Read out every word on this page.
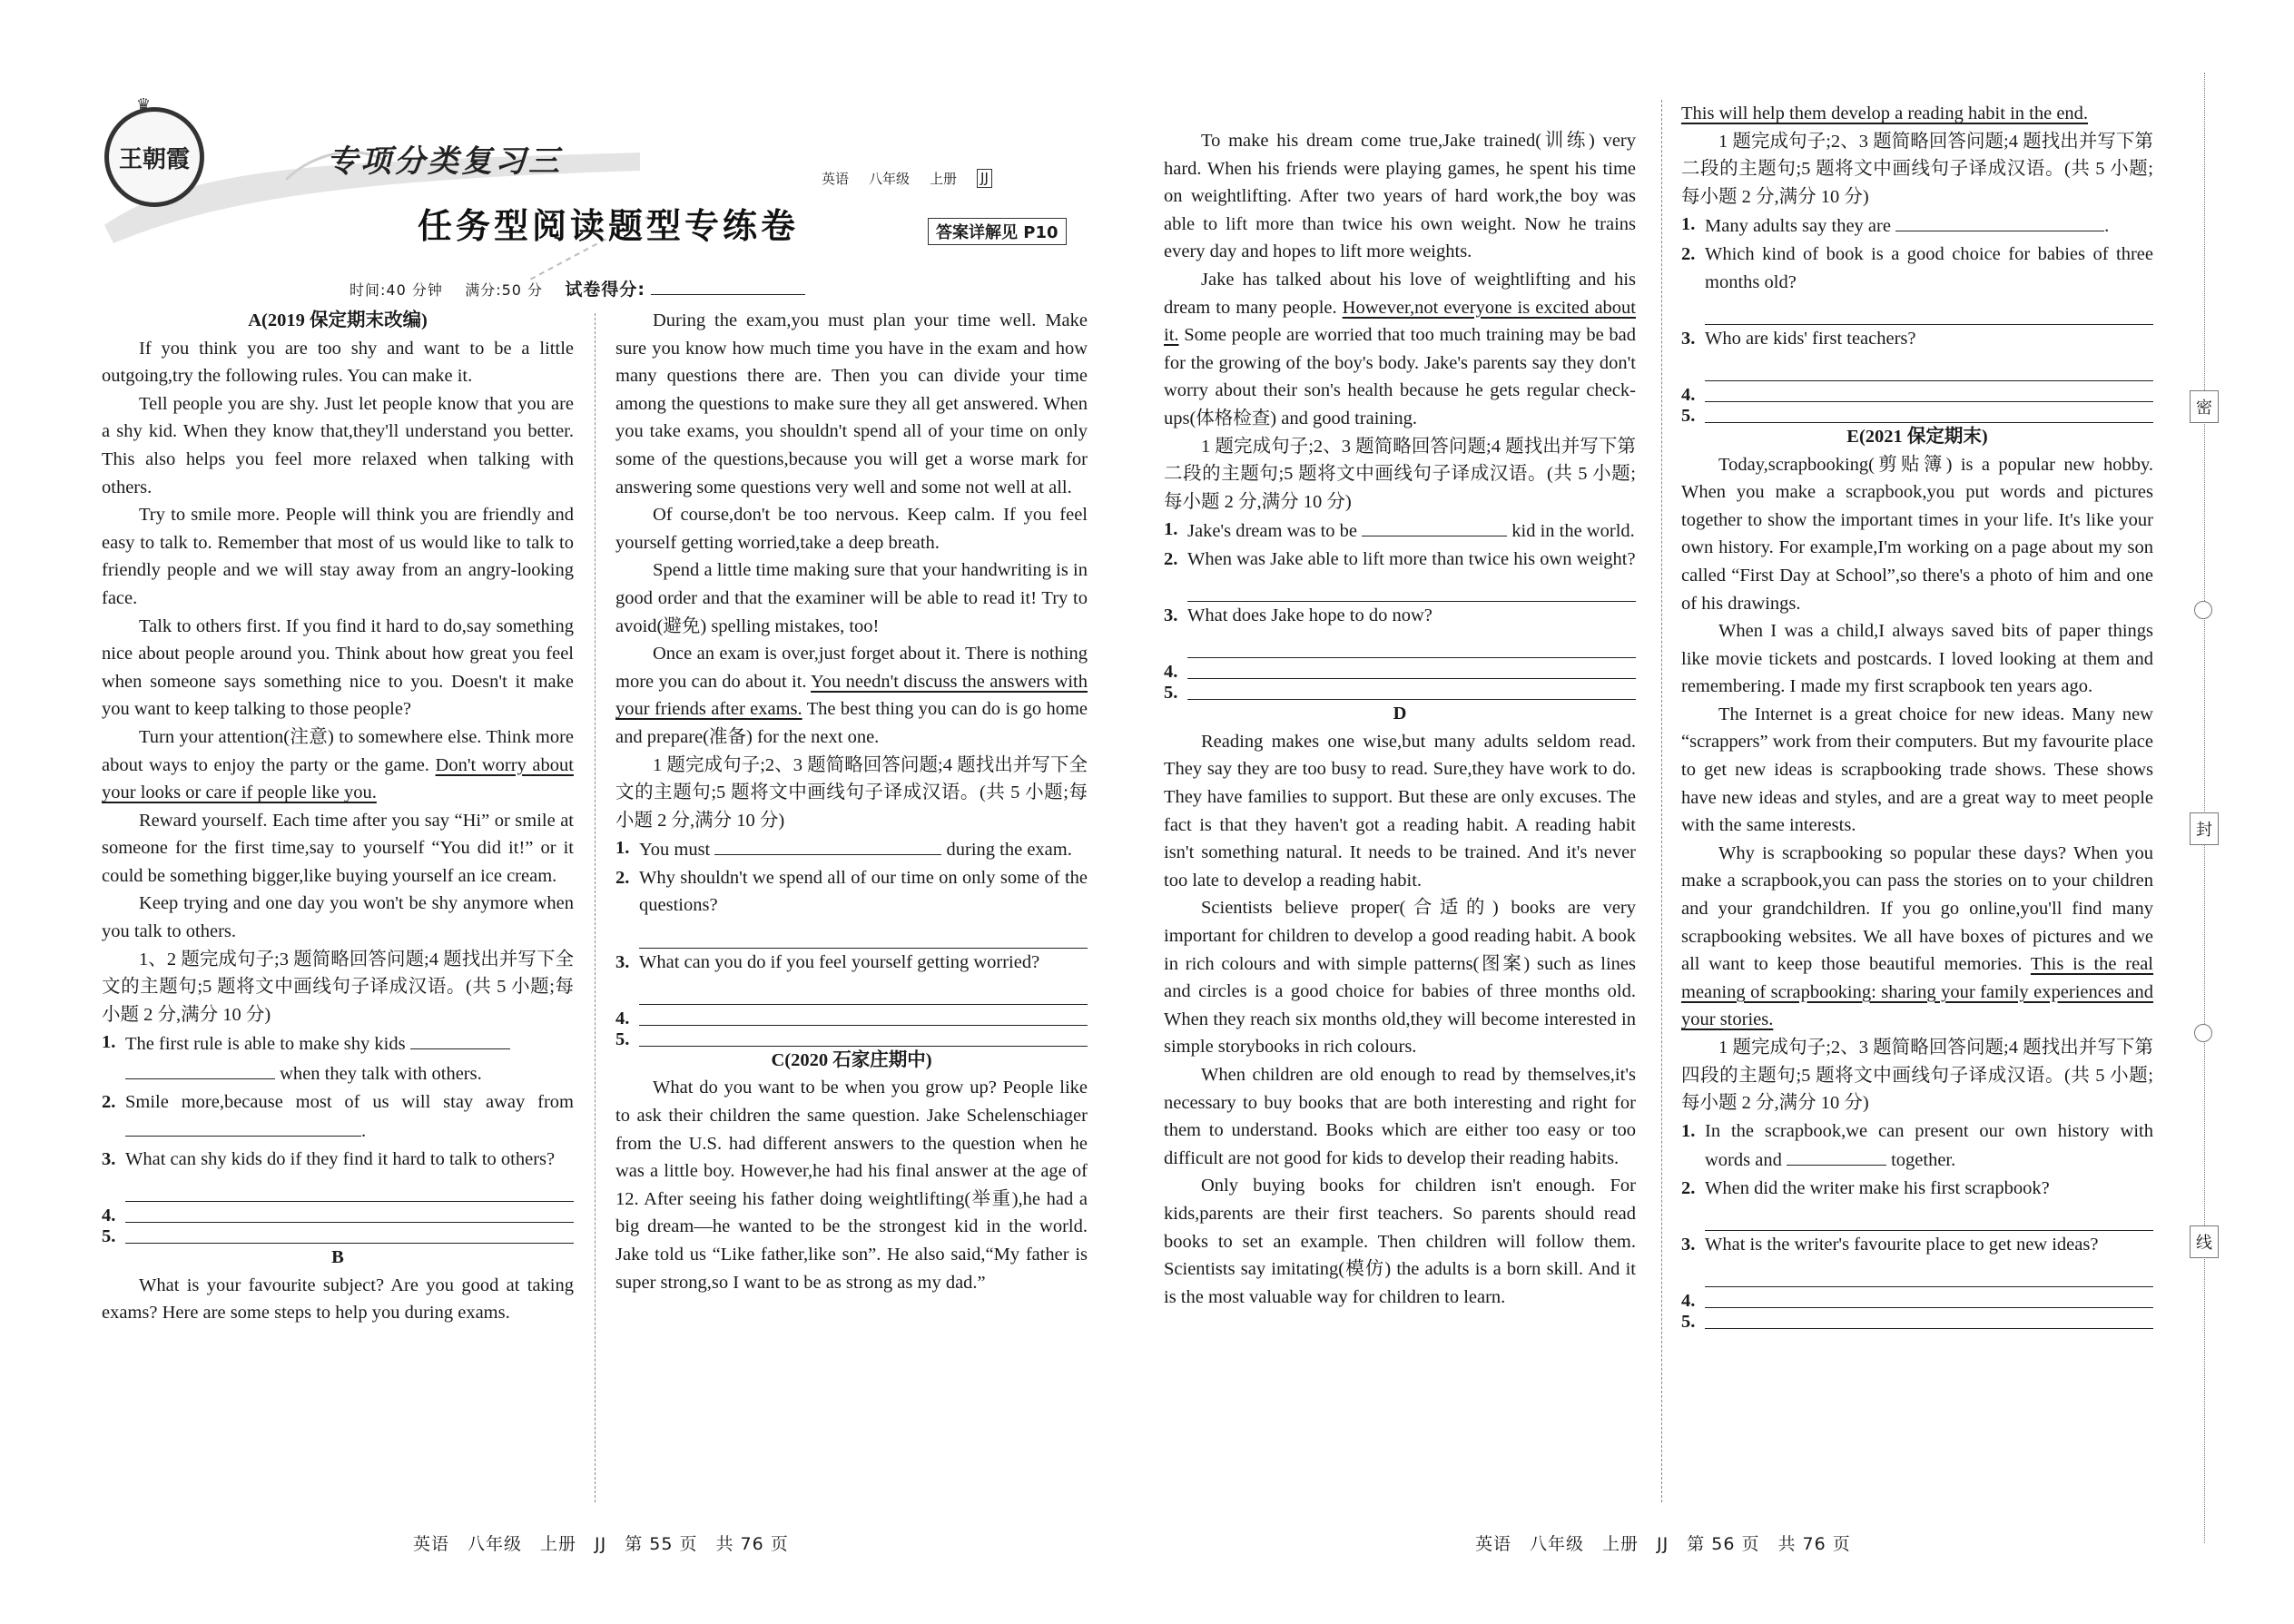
♛
王朝霞	专项分类复习三
任务型阅读题型专练卷
英语 八年级 上册 JJ
答案详解见 P10
时间:40 分钟 满分:50 分 试卷得分:
密
封
线

A(2019 保定期末改编)

If you think you are too shy and want to be a little outgoing,try the following rules. You can make it.

Tell people you are shy. Just let people know that you are a shy kid. When they know that,they'll understand you better. This also helps you feel more relaxed when talking with others.

Try to smile more. People will think you are friendly and easy to talk to. Remember that most of us would like to talk to friendly people and we will stay away from an angry-looking face.

Talk to others first. If you find it hard to do,say something nice about people around you. Think about how great you feel when someone says something nice to you. Doesn't it make you want to keep talking to those people?

Turn your attention(注意) to somewhere else. Think more about ways to enjoy the party or the game. Don't worry about your looks or care if people like you.

Reward yourself. Each time after you say “Hi” or smile at someone for the first time,say to yourself “You did it!” or it could be something bigger,like buying yourself an ice cream.

Keep trying and one day you won't be shy anymore when you talk to others.

1、2 题完成句子;3 题简略回答问题;4 题找出并写下全文的主题句;5 题将文中画线句子译成汉语。(共 5 小题;每小题 2 分,满分 10 分)

1. The first rule is able to make shy kids
when they talk with others.
2. Smile more,because most of us will stay away from .
3. What can shy kids do if they find it hard to talk to others?
4.
5.

B

What is your favourite subject? Are you good at taking exams? Here are some steps to help you during exams.

During the exam,you must plan your time well. Make sure you know how much time you have in the exam and how many questions there are. Then you can divide your time among the questions to make sure they all get answered. When you take exams, you shouldn't spend all of your time on only some of the questions,because you will get a worse mark for answering some questions very well and some not well at all.

Of course,don't be too nervous. Keep calm. If you feel yourself getting worried,take a deep breath.

Spend a little time making sure that your handwriting is in good order and that the examiner will be able to read it! Try to avoid(避免) spelling mistakes, too!

Once an exam is over,just forget about it. There is nothing more you can do about it. You needn't discuss the answers with your friends after exams. The best thing you can do is go home and prepare(准备) for the next one.

1 题完成句子;2、3 题简略回答问题;4 题找出并写下全文的主题句;5 题将文中画线句子译成汉语。(共 5 小题;每小题 2 分,满分 10 分)

1. You must	during the exam.
2. Why shouldn't we spend all of our time on only some of the questions?
3. What can you do if you feel yourself getting worried?
4.
5.

C(2020 石家庄期中)

What do you want to be when you grow up? People like to ask their children the same question. Jake Schelenschiager from the U.S. had different answers to the question when he was a little boy. However,he had his final answer at the age of 12. After seeing his father doing weightlifting(举重),he had a big dream—he wanted to be the strongest kid in the world. Jake told us “Like father,like son”. He also said,“My father is super strong,so I want to be as strong as my dad.”

To make his dream come true,Jake trained(训练) very hard. When his friends were playing games, he spent his time on weightlifting. After two years of hard work,the boy was able to lift more than twice his own weight. Now he trains every day and hopes to lift more weights.

Jake has talked about his love of weightlifting and his dream to many people. However,not everyone is excited about it. Some people are worried that too much training may be bad for the growing of the boy's body. Jake's parents say they don't worry about their son's health because he gets regular check-ups(体格检查) and good training.

1 题完成句子;2、3 题简略回答问题;4 题找出并写下第二段的主题句;5 题将文中画线句子译成汉语。(共 5 小题;每小题 2 分,满分 10 分)

1. Jake's dream was to be	kid in the world.
2. When was Jake able to lift more than twice his own weight?
3. What does Jake hope to do now?
4.
5.

D

Reading makes one wise,but many adults seldom read. They say they are too busy to read. Sure,they have work to do. They have families to support. But these are only excuses. The fact is that they haven't got a reading habit. A reading habit isn't something natural. It needs to be trained. And it's never too late to develop a reading habit.

Scientists believe proper(合适的) books are very important for children to develop a good reading habit. A book in rich colours and with simple patterns(图案) such as lines and circles is a good choice for babies of three months old. When they reach six months old,they will become interested in simple storybooks in rich colours.

When children are old enough to read by themselves,it's necessary to buy books that are both interesting and right for them to understand. Books which are either too easy or too difficult are not good for kids to develop their reading habits.

Only buying books for children isn't enough. For kids,parents are their first teachers. So parents should read books to set an example. Then children will follow them. Scientists say imitating(模仿) the adults is a born skill. And it is the most valuable way for children to learn.

This will help them develop a reading habit in the end.

1 题完成句子;2、3 题简略回答问题;4 题找出并写下第二段的主题句;5 题将文中画线句子译成汉语。(共 5 小题;每小题 2 分,满分 10 分)

1. Many adults say they are	.
2. Which kind of book is a good choice for babies of three months old?
3. Who are kids' first teachers?
4.
5.

E(2021 保定期末)

Today,scrapbooking(剪贴簿) is a popular new hobby. When you make a scrapbook,you put words and pictures together to show the important times in your life. It's like your own history. For example,I'm working on a page about my son called “First Day at School”,so there's a photo of him and one of his drawings.

When I was a child,I always saved bits of paper things like movie tickets and postcards. I loved looking at them and remembering. I made my first scrapbook ten years ago.

The Internet is a great choice for new ideas. Many new “scrappers” work from their computers. But my favourite place to get new ideas is scrapbooking trade shows. These shows have new ideas and styles, and are a great way to meet people with the same interests.

Why is scrapbooking so popular these days? When you make a scrapbook,you can pass the stories on to your children and your grandchildren. If you go online,you'll find many scrapbooking websites. We all have boxes of pictures and we all want to keep those beautiful memories. This is the real meaning of scrapbooking: sharing your family experiences and your stories.

1 题完成句子;2、3 题简略回答问题;4 题找出并写下第四段的主题句;5 题将文中画线句子译成汉语。(共 5 小题;每小题 2 分,满分 10 分)

1. In the scrapbook,we can present our own history with words and	together.
2. When did the writer make his first scrapbook?
3. What is the writer's favourite place to get new ideas?
4.
5.
英语　八年级　上册　JJ　第 55 页　共 76 页	英语　八年级　上册　JJ　第 56 页　共 76 页
